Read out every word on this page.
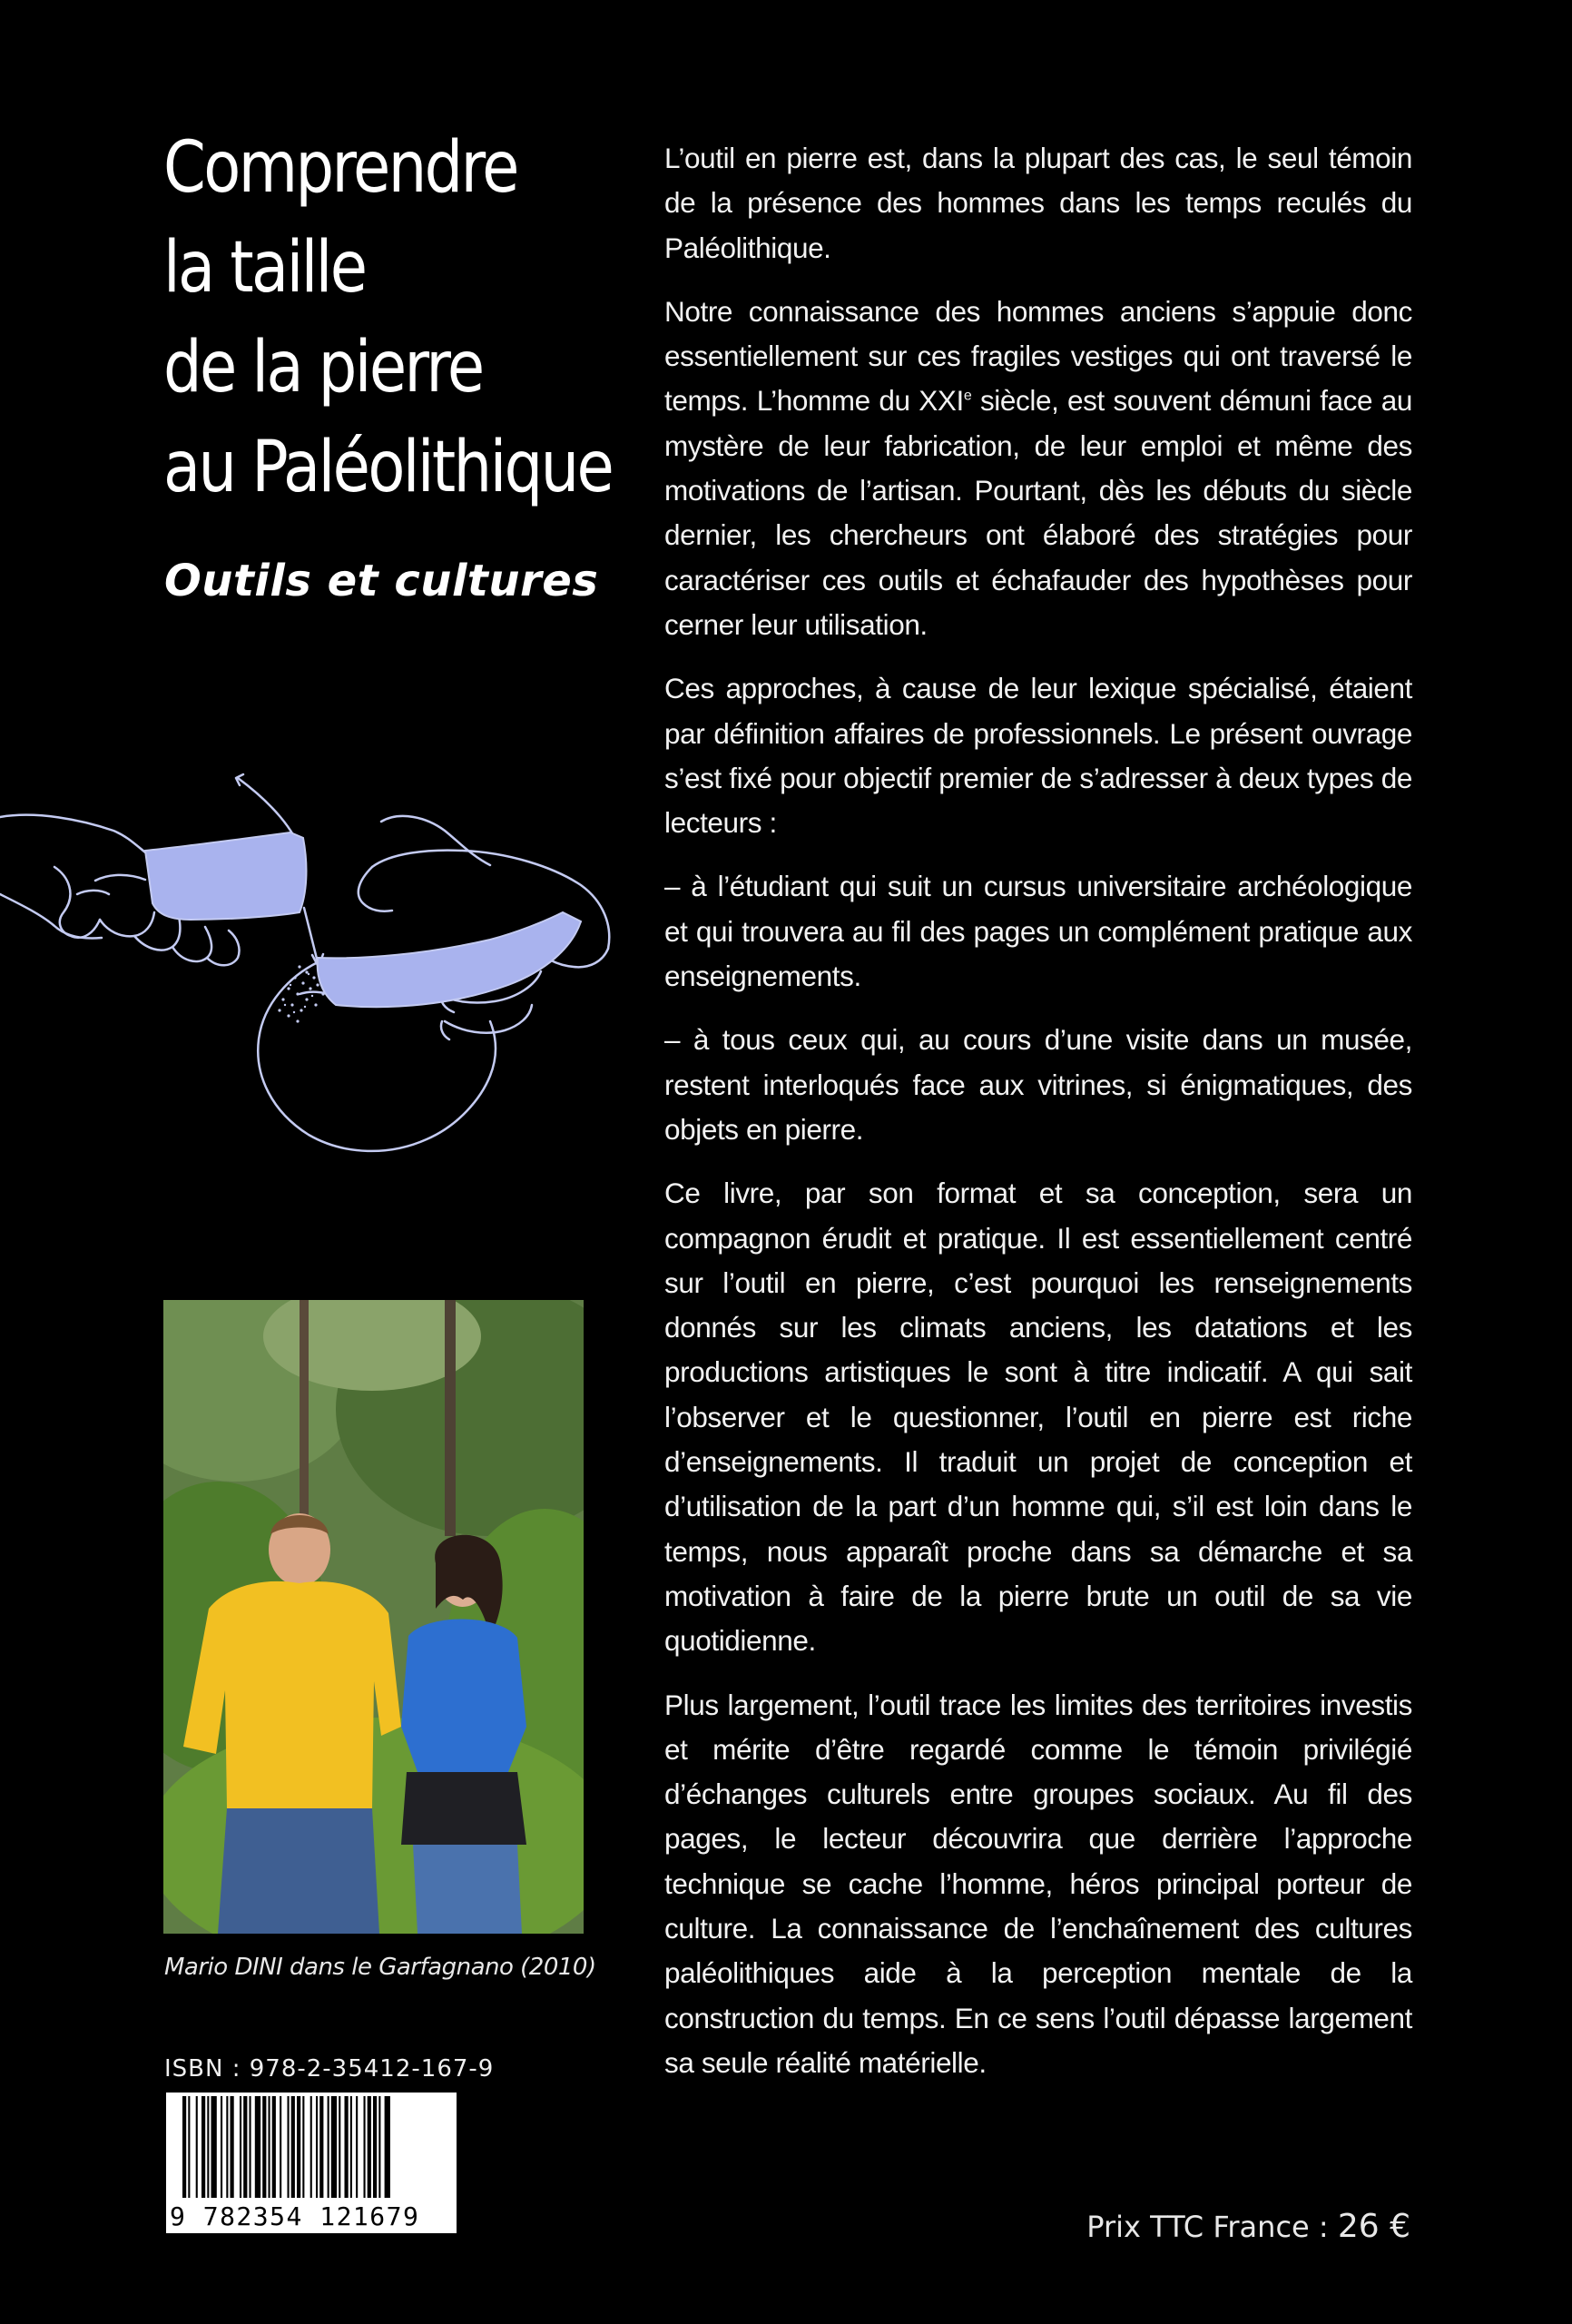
Comprendre
la taille
de la pierre
au Paléolithique
Outils et cultures
Mario DINI dans le Garfagnano (2010)
ISBN : 978-2-35412-167-9
9 782354 121679

L’outil en pierre est, dans la plupart des cas, le seul témoin de la présence des hommes dans les temps reculés du Paléolithique.

Notre connaissance des hommes anciens s’appuie donc essentiellement sur ces fragiles vestiges qui ont traversé le temps. L’homme du XXIe siècle, est souvent démuni face au mystère de leur fabrication, de leur emploi et même des motivations de l’artisan. Pourtant, dès les débuts du siècle dernier, les chercheurs ont élaboré des stratégies pour caractériser ces outils et échafauder des hypothèses pour cerner leur utilisation.

Ces approches, à cause de leur lexique spécialisé, étaient par définition affaires de professionnels. Le présent ouvrage s’est fixé pour objectif premier de s’adresser à deux types de lecteurs :

– à l’étudiant qui suit un cursus universitaire archéologique et qui trouvera au fil des pages un complément pratique aux enseignements.

– à tous ceux qui, au cours d’une visite dans un musée, restent interloqués face aux vitrines, si énigmatiques, des objets en pierre.

Ce livre, par son format et sa conception, sera un compagnon érudit et pratique. Il est essentiellement centré sur l’outil en pierre, c’est pourquoi les renseignements donnés sur les climats anciens, les datations et les productions artistiques le sont à titre indicatif. A qui sait l’observer et le questionner, l’outil en pierre est riche d’enseignements. Il traduit un projet de conception et d’utilisation de la part d’un homme qui, s’il est loin dans le temps, nous apparaît proche dans sa démarche et sa motivation à faire de la pierre brute un outil de sa vie quotidienne.

Plus largement, l’outil trace les limites des territoires investis et mérite d’être regardé comme le témoin privilégié d’échanges culturels entre groupes sociaux. Au fil des pages, le lecteur découvrira que derrière l’approche technique se cache l’homme, héros principal porteur de culture. La connaissance de l’enchaînement des cultures paléolithiques aide à la perception mentale de la construction du temps. En ce sens l’outil dépasse largement sa seule réalité matérielle.

Prix TTC France : 26 €
